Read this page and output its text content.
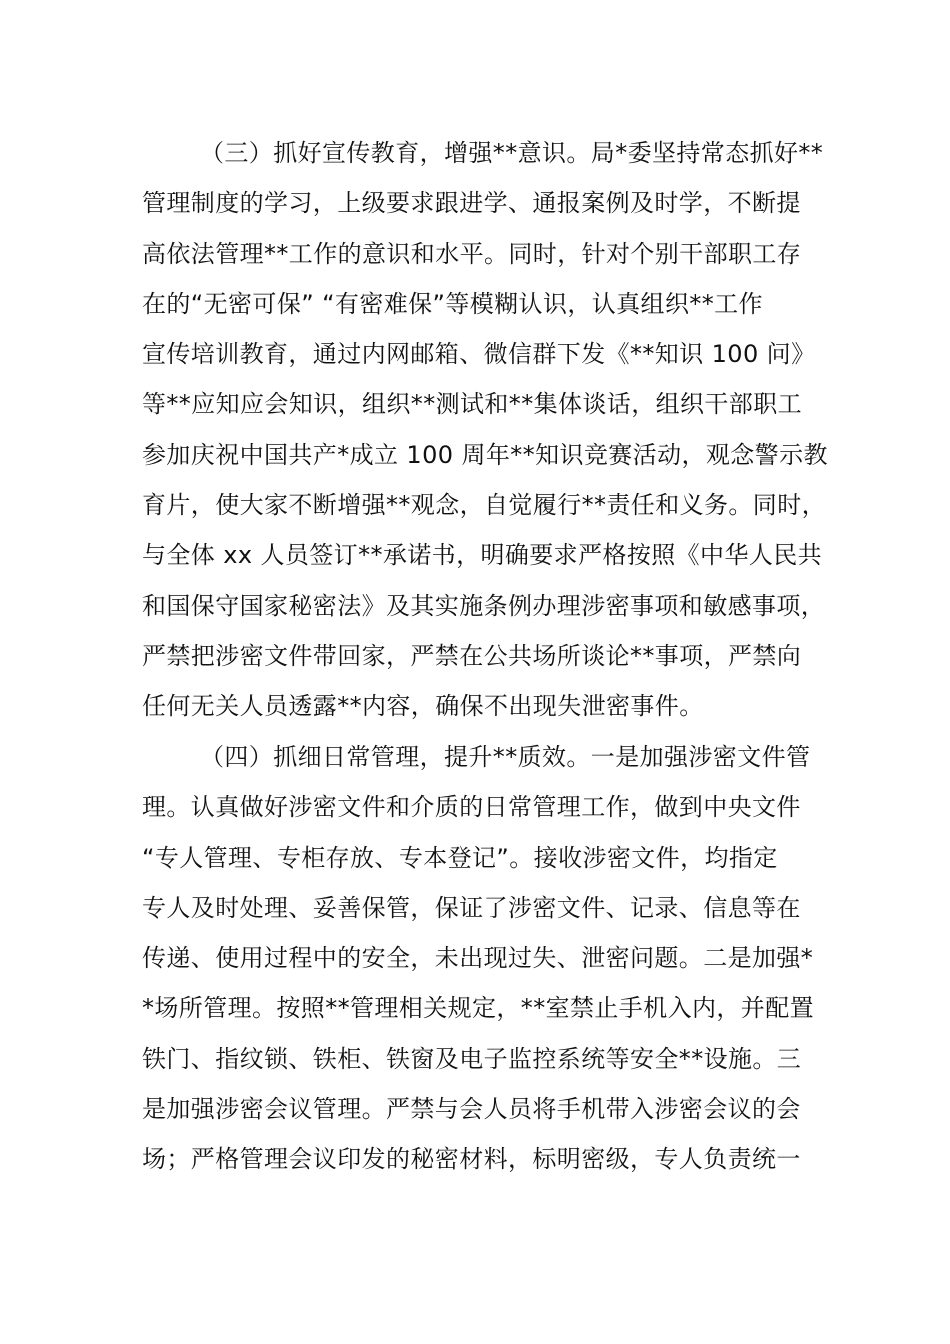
（三）抓好宣传教育，增强**意识。局*委坚持常态抓好**
管理制度的学习，上级要求跟进学、通报案例及时学，不断提
高依法管理**工作的意识和水平。同时，针对个别干部职工存
在的“无密可保” “有密难保”等模糊认识，认真组织**工作
宣传培训教育，通过内网邮箱、微信群下发《**知识 100 问》
等**应知应会知识，组织**测试和**集体谈话，组织干部职工
参加庆祝中国共产*成立 100 周年**知识竞赛活动，观念警示教
育片，使大家不断增强**观念，自觉履行**责任和义务。同时，
与全体 xx 人员签订**承诺书，明确要求严格按照《中华人民共
和国保守国家秘密法》及其实施条例办理涉密事项和敏感事项，
严禁把涉密文件带回家，严禁在公共场所谈论**事项，严禁向
任何无关人员透露**内容，确保不出现失泄密事件。
（四）抓细日常管理，提升**质效。一是加强涉密文件管
理。认真做好涉密文件和介质的日常管理工作，做到中央文件
“专人管理、专柜存放、专本登记”。接收涉密文件，均指定
专人及时处理、妥善保管，保证了涉密文件、记录、信息等在
传递、使用过程中的安全，未出现过失、泄密问题。二是加强*
*场所管理。按照**管理相关规定，**室禁止手机入内，并配置
铁门、指纹锁、铁柜、铁窗及电子监控系统等安全**设施。三
是加强涉密会议管理。严禁与会人员将手机带入涉密会议的会
场；严格管理会议印发的秘密材料，标明密级，专人负责统一
